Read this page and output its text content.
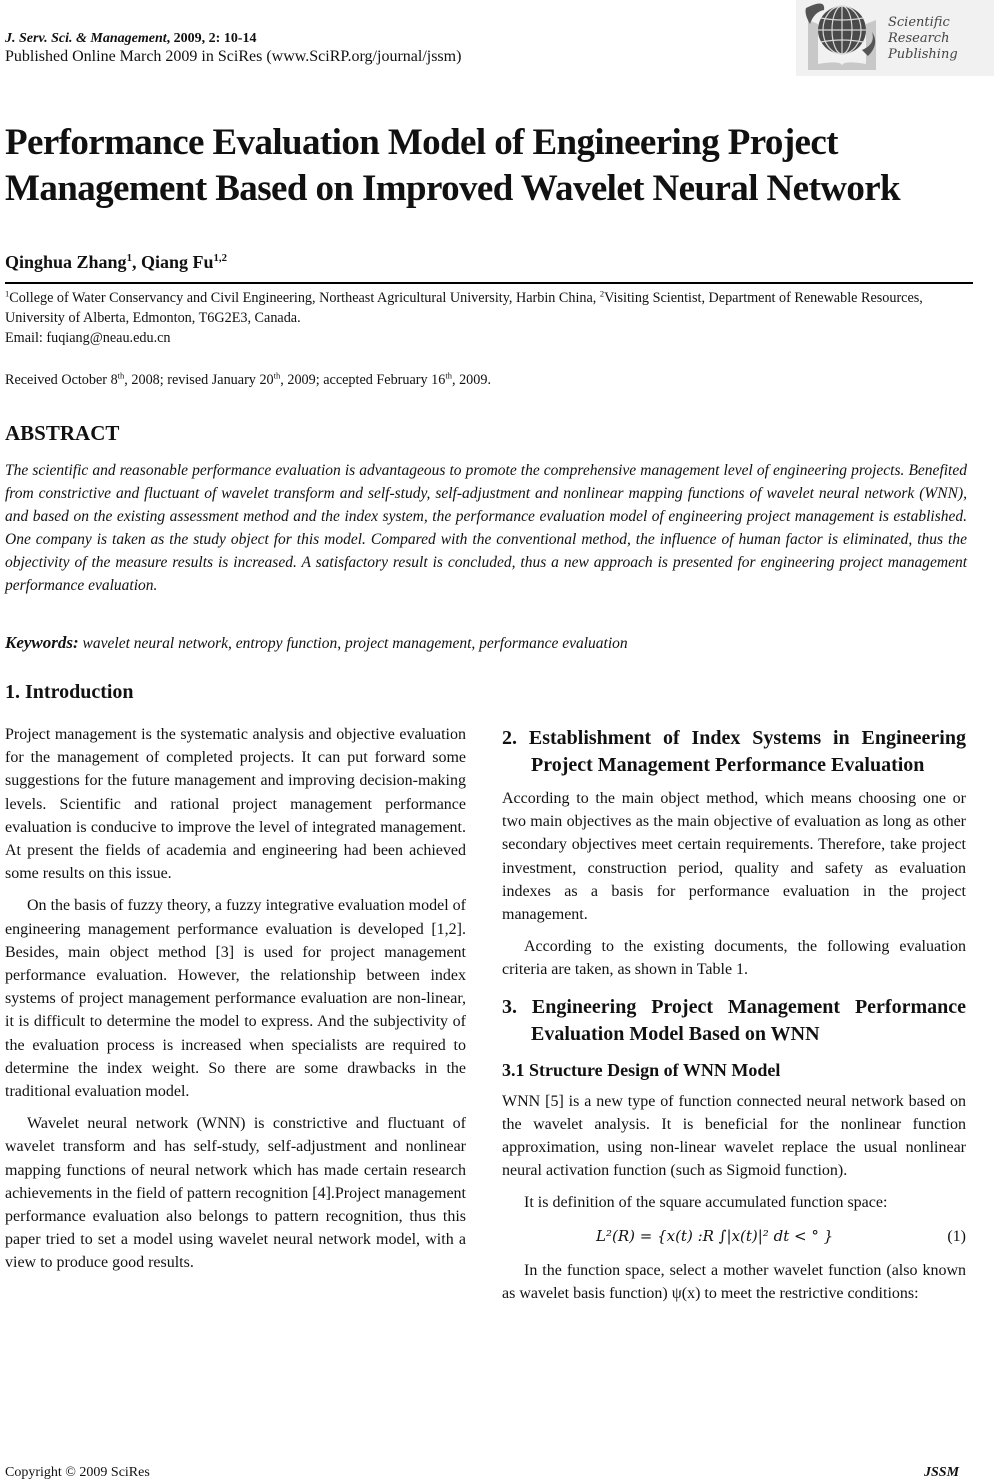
J. Serv. Sci. & Management, 2009, 2: 10-14
Published Online March 2009 in SciRes (www.SciRP.org/journal/jssm)
Scientific
Research
Publishing
Performance Evaluation Model of Engineering Project
Management Based on Improved Wavelet Neural Network
Qinghua Zhang$^1$, Qiang Fu$^{1,2}$
$^1$College of Water Conservancy and Civil Engineering, Northeast Agricultural University, Harbin China, $^2$Visiting Scientist, Department of Renewable Resources, University of Alberta, Edmonton, T6G2E3, Canada.
Email: fuqiang@neau.edu.cn
Received October 8th, 2008; revised January 20th, 2009; accepted February 16th, 2009.
ABSTRACT
The scientific and reasonable performance evaluation is advantageous to promote the comprehensive management level of engineering projects. Benefited from constrictive and fluctuant of wavelet transform and self-study, self-adjustment and nonlinear mapping functions of wavelet neural network (WNN), and based on the existing assessment method and the index system, the performance evaluation model of engineering project management is established. One company is taken as the study object for this model. Compared with the conventional method, the influence of human factor is eliminated, thus the objectivity of the measure results is increased. A satisfactory result is concluded, thus a new approach is presented for engineering project management performance evaluation.
Keywords: wavelet neural network, entropy function, project management, performance evaluation
1. Introduction

Project management is the systematic analysis and objective evaluation for the management of completed projects. It can put forward some suggestions for the future management and improving decision-making levels. Scientific and rational project management performance evaluation is conducive to improve the level of integrated management. At present the fields of academia and engineering had been achieved some results on this issue.

On the basis of fuzzy theory, a fuzzy integrative evaluation model of engineering management performance evaluation is developed [1,2]. Besides, main object method [3] is used for project management performance evaluation. However, the relationship between index systems of project management performance evaluation are non-linear, it is difficult to determine the model to express. And the subjectivity of the evaluation process is increased when specialists are required to determine the index weight. So there are some drawbacks in the traditional evaluation model.

Wavelet neural network (WNN) is constrictive and fluctuant of wavelet transform and has self-study, self-adjustment and nonlinear mapping functions of neural network which has made certain research achievements in the field of pattern recognition [4].Project management performance evaluation also belongs to pattern recognition, thus this paper tried to set a model using wavelet neural network model, with a view to produce good results.

2. Establishment of Index Systems in Engineering Project Management Performance Evaluation

According to the main object method, which means choosing one or two main objectives as the main objective of evaluation as long as other secondary objectives meet certain requirements. Therefore, take project investment, construction period, quality and safety as evaluation indexes as a basis for performance evaluation in the project management.

According to the existing documents, the following evaluation criteria are taken, as shown in Table 1.

3. Engineering Project Management Performance Evaluation Model Based on WNN
3.1 Structure Design of WNN Model

WNN [5] is a new type of function connected neural network based on the wavelet analysis. It is beneficial for the nonlinear function approximation, using non-linear wavelet replace the usual nonlinear neural activation function (such as Sigmoid function).

It is definition of the square accumulated function space:

L²(R) = {x(t) :R ∫|x(t)|² dt < ° }	(1)

In the function space, select a mother wavelet function (also known as wavelet basis function) ψ(x) to meet the restrictive conditions:

Copyright © 2009 SciRes	JSSM
